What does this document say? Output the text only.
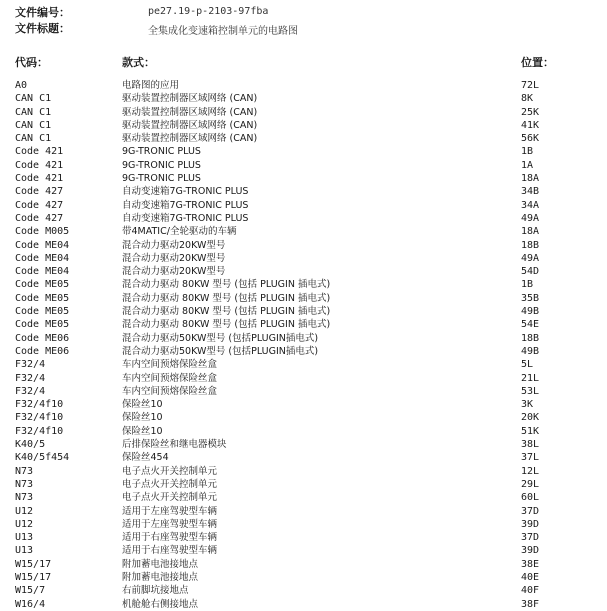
文件编号：	pe27.19-p-2103-97fba
文件标题：	全集成化变速箱控制单元的电路图
代码：	款式：	位置：
A0	电路图的应用	72L
CAN C1	驱动装置控制器区域网络 (CAN)	8K
CAN C1	驱动装置控制器区域网络 (CAN)	25K
CAN C1	驱动装置控制器区域网络 (CAN)	41K
CAN C1	驱动装置控制器区域网络 (CAN)	56K
Code 421	9G-TRONIC PLUS	1B
Code 421	9G-TRONIC PLUS	1A
Code 421	9G-TRONIC PLUS	18A
Code 427	自动变速箱7G-TRONIC PLUS	34B
Code 427	自动变速箱7G-TRONIC PLUS	34A
Code 427	自动变速箱7G-TRONIC PLUS	49A
Code M005	带4MATIC/全轮驱动的车辆	18A
Code ME04	混合动力驱动20KW型号	18B
Code ME04	混合动力驱动20KW型号	49A
Code ME04	混合动力驱动20KW型号	54D
Code ME05	混合动力驱动 80KW 型号 (包括 PLUGIN 插电式)	1B
Code ME05	混合动力驱动 80KW 型号 (包括 PLUGIN 插电式)	35B
Code ME05	混合动力驱动 80KW 型号 (包括 PLUGIN 插电式)	49B
Code ME05	混合动力驱动 80KW 型号 (包括 PLUGIN 插电式)	54E
Code ME06	混合动力驱动50KW型号 (包括PLUGIN插电式)	18B
Code ME06	混合动力驱动50KW型号 (包括PLUGIN插电式)	49B
F32/4	车内空间预熔保险丝盒	5L
F32/4	车内空间预熔保险丝盒	21L
F32/4	车内空间预熔保险丝盒	53L
F32/4f10	保险丝10	3K
F32/4f10	保险丝10	20K
F32/4f10	保险丝10	51K
K40/5	后排保险丝和继电器模块	38L
K40/5f454	保险丝454	37L
N73	电子点火开关控制单元	12L
N73	电子点火开关控制单元	29L
N73	电子点火开关控制单元	60L
U12	适用于左座驾驶型车辆	37D
U12	适用于左座驾驶型车辆	39D
U13	适用于右座驾驶型车辆	37D
U13	适用于右座驾驶型车辆	39D
W15/17	附加蓄电池接地点	38E
W15/17	附加蓄电池接地点	40E
W15/7	右前脚坑接地点	40F
W16/4	机舱舱右侧接地点	38F
